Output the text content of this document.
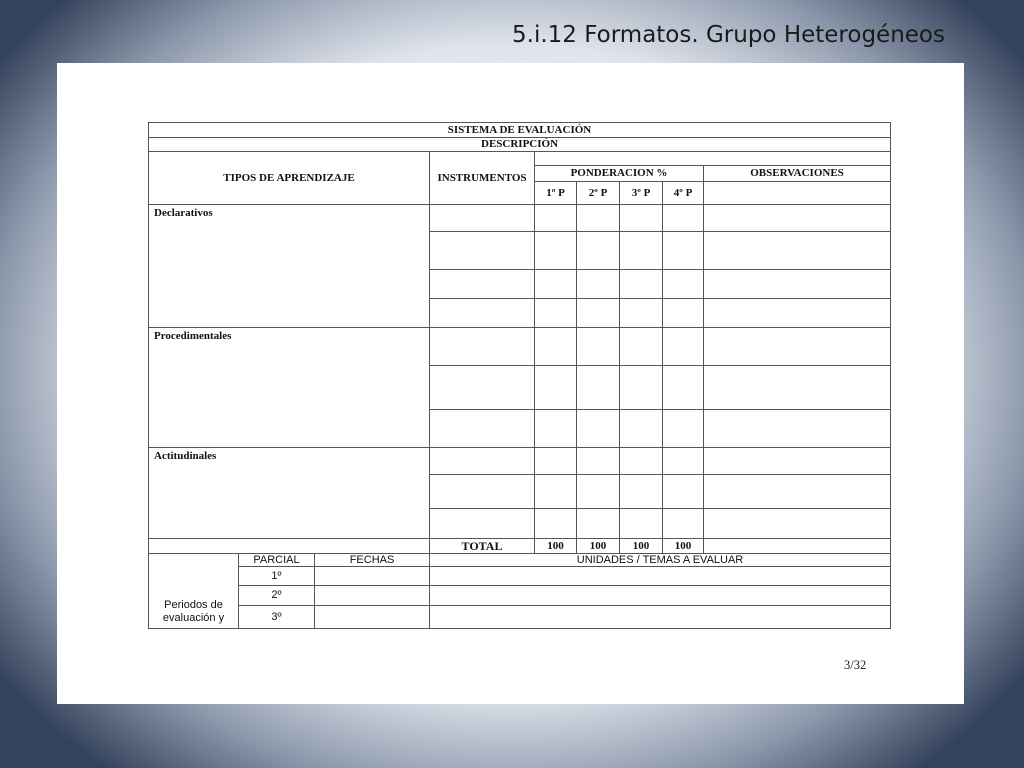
5.i.12 Formatos. Grupo Heterogéneos
SISTEMA DE EVALUACIÓN								
DESCRIPCIÓN								
TIPOS DE APRENDIZAJE			INSTRUMENTOS					
				PONDERACION %				OBSERVACIONES
				1º P	2º P	3º P	4º P	
Declarativos								

Procedimentales								

Actitudinales								

			TOTAL	100	100	100	100	
Periodos de
evaluación y	PARCIAL	FECHAS	UNIDADES / TEMAS A EVALUAR					
	1º							
	2º							
	3º							
3/32
